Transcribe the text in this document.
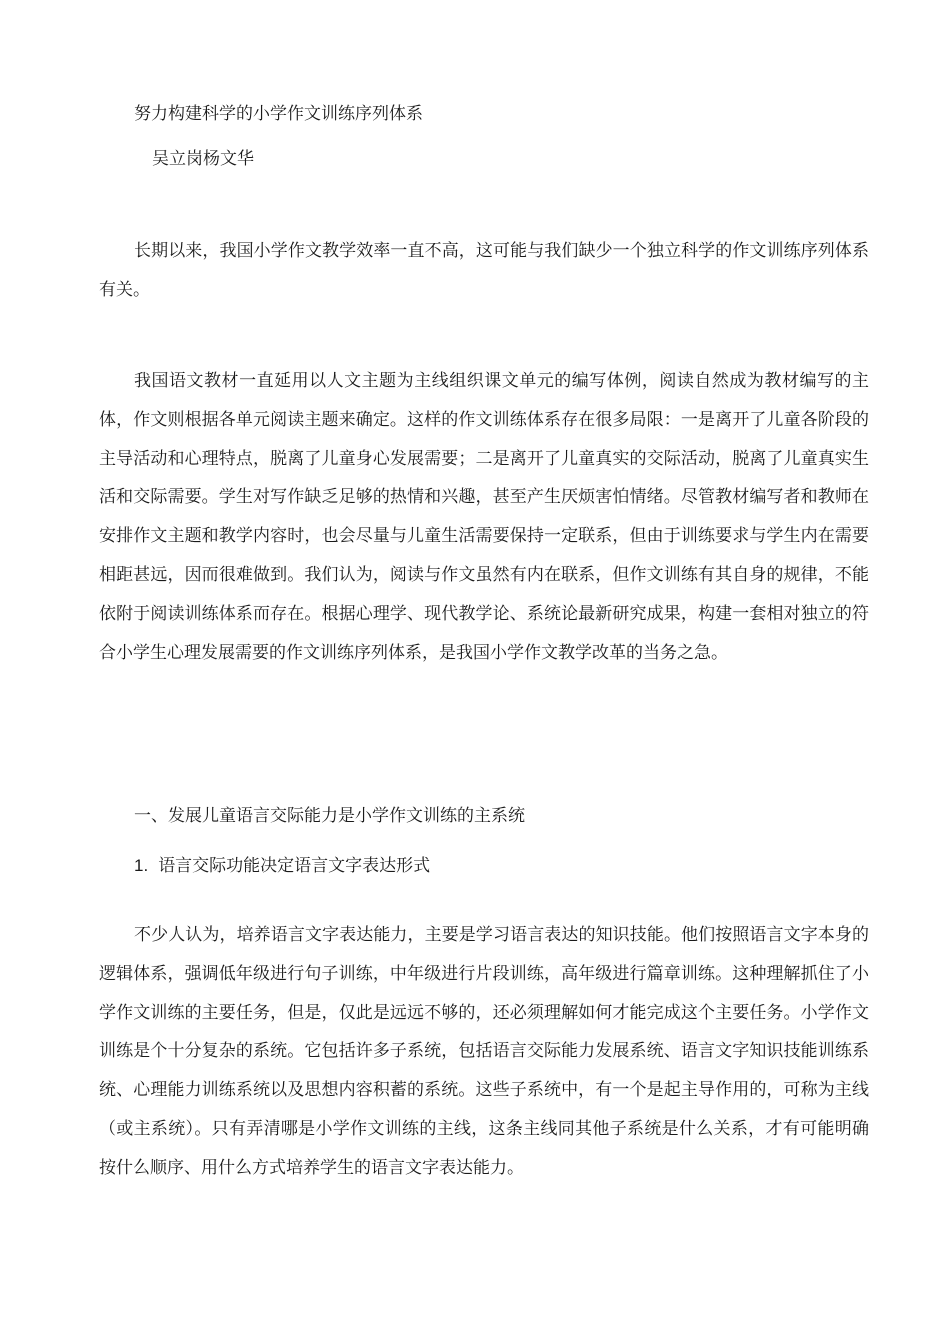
努力构建科学的小学作文训练序列体系
吴立岗杨文华

长期以来，我国小学作文教学效率一直不高，这可能与我们缺少一个独立科学的作文训练序列体系有关。

我国语文教材一直延用以人文主题为主线组织课文单元的编写体例，阅读自然成为教材编写的主体，作文则根据各单元阅读主题来确定。这样的作文训练体系存在很多局限：一是离开了儿童各阶段的主导活动和心理特点，脱离了儿童身心发展需要；二是离开了儿童真实的交际活动，脱离了儿童真实生活和交际需要。学生对写作缺乏足够的热情和兴趣，甚至产生厌烦害怕情绪。尽管教材编写者和教师在安排作文主题和教学内容时，也会尽量与儿童生活需要保持一定联系，但由于训练要求与学生内在需要相距甚远，因而很难做到。我们认为，阅读与作文虽然有内在联系，但作文训练有其自身的规律，不能依附于阅读训练体系而存在。根据心理学、现代教学论、系统论最新研究成果，构建一套相对独立的符合小学生心理发展需要的作文训练序列体系，是我国小学作文教学改革的当务之急。

一、发展儿童语言交际能力是小学作文训练的主系统
1. 语言交际功能决定语言文字表达形式

不少人认为，培养语言文字表达能力，主要是学习语言表达的知识技能。他们按照语言文字本身的逻辑体系，强调低年级进行句子训练，中年级进行片段训练，高年级进行篇章训练。这种理解抓住了小学作文训练的主要任务，但是，仅此是远远不够的，还必须理解如何才能完成这个主要任务。小学作文训练是个十分复杂的系统。它包括许多子系统，包括语言交际能力发展系统、语言文字知识技能训练系统、心理能力训练系统以及思想内容积蓄的系统。这些子系统中，有一个是起主导作用的，可称为主线（或主系统）。只有弄清哪是小学作文训练的主线，这条主线同其他子系统是什么关系，才有可能明确按什么顺序、用什么方式培养学生的语言文字表达能力。
